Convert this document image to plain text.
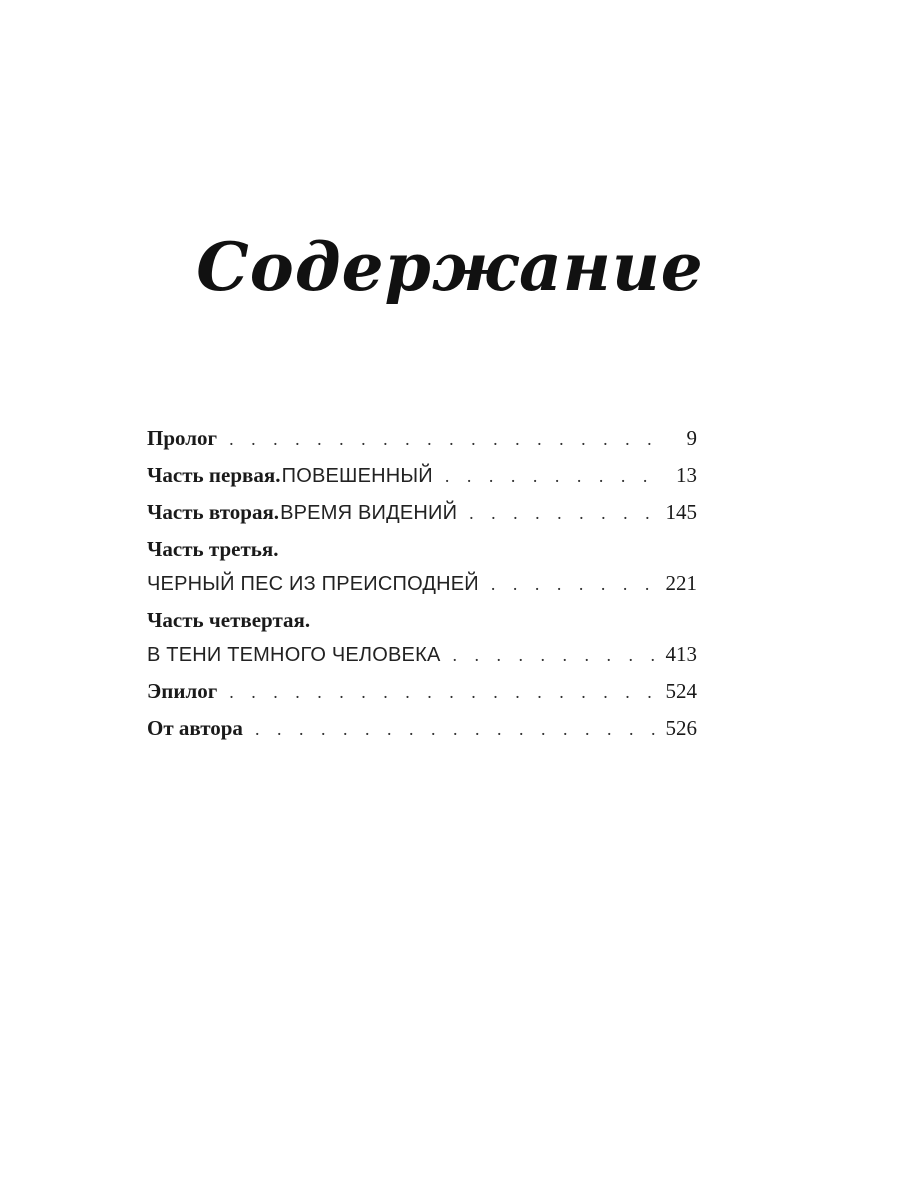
Содержание
Пролог . . .	9
Часть первая. ПОВЕШЕННЫЙ . . .	13
Часть вторая. ВРЕМЯ ВИДЕНИЙ . . .	145
Часть третья.
ЧЕРНЫЙ ПЕС ИЗ ПРЕИСПОДНЕЙ . . .	221
Часть четвертая.
В ТЕНИ ТЕМНОГО ЧЕЛОВЕКА . . .	413
Эпилог . . .	524
От автора . . .	526
